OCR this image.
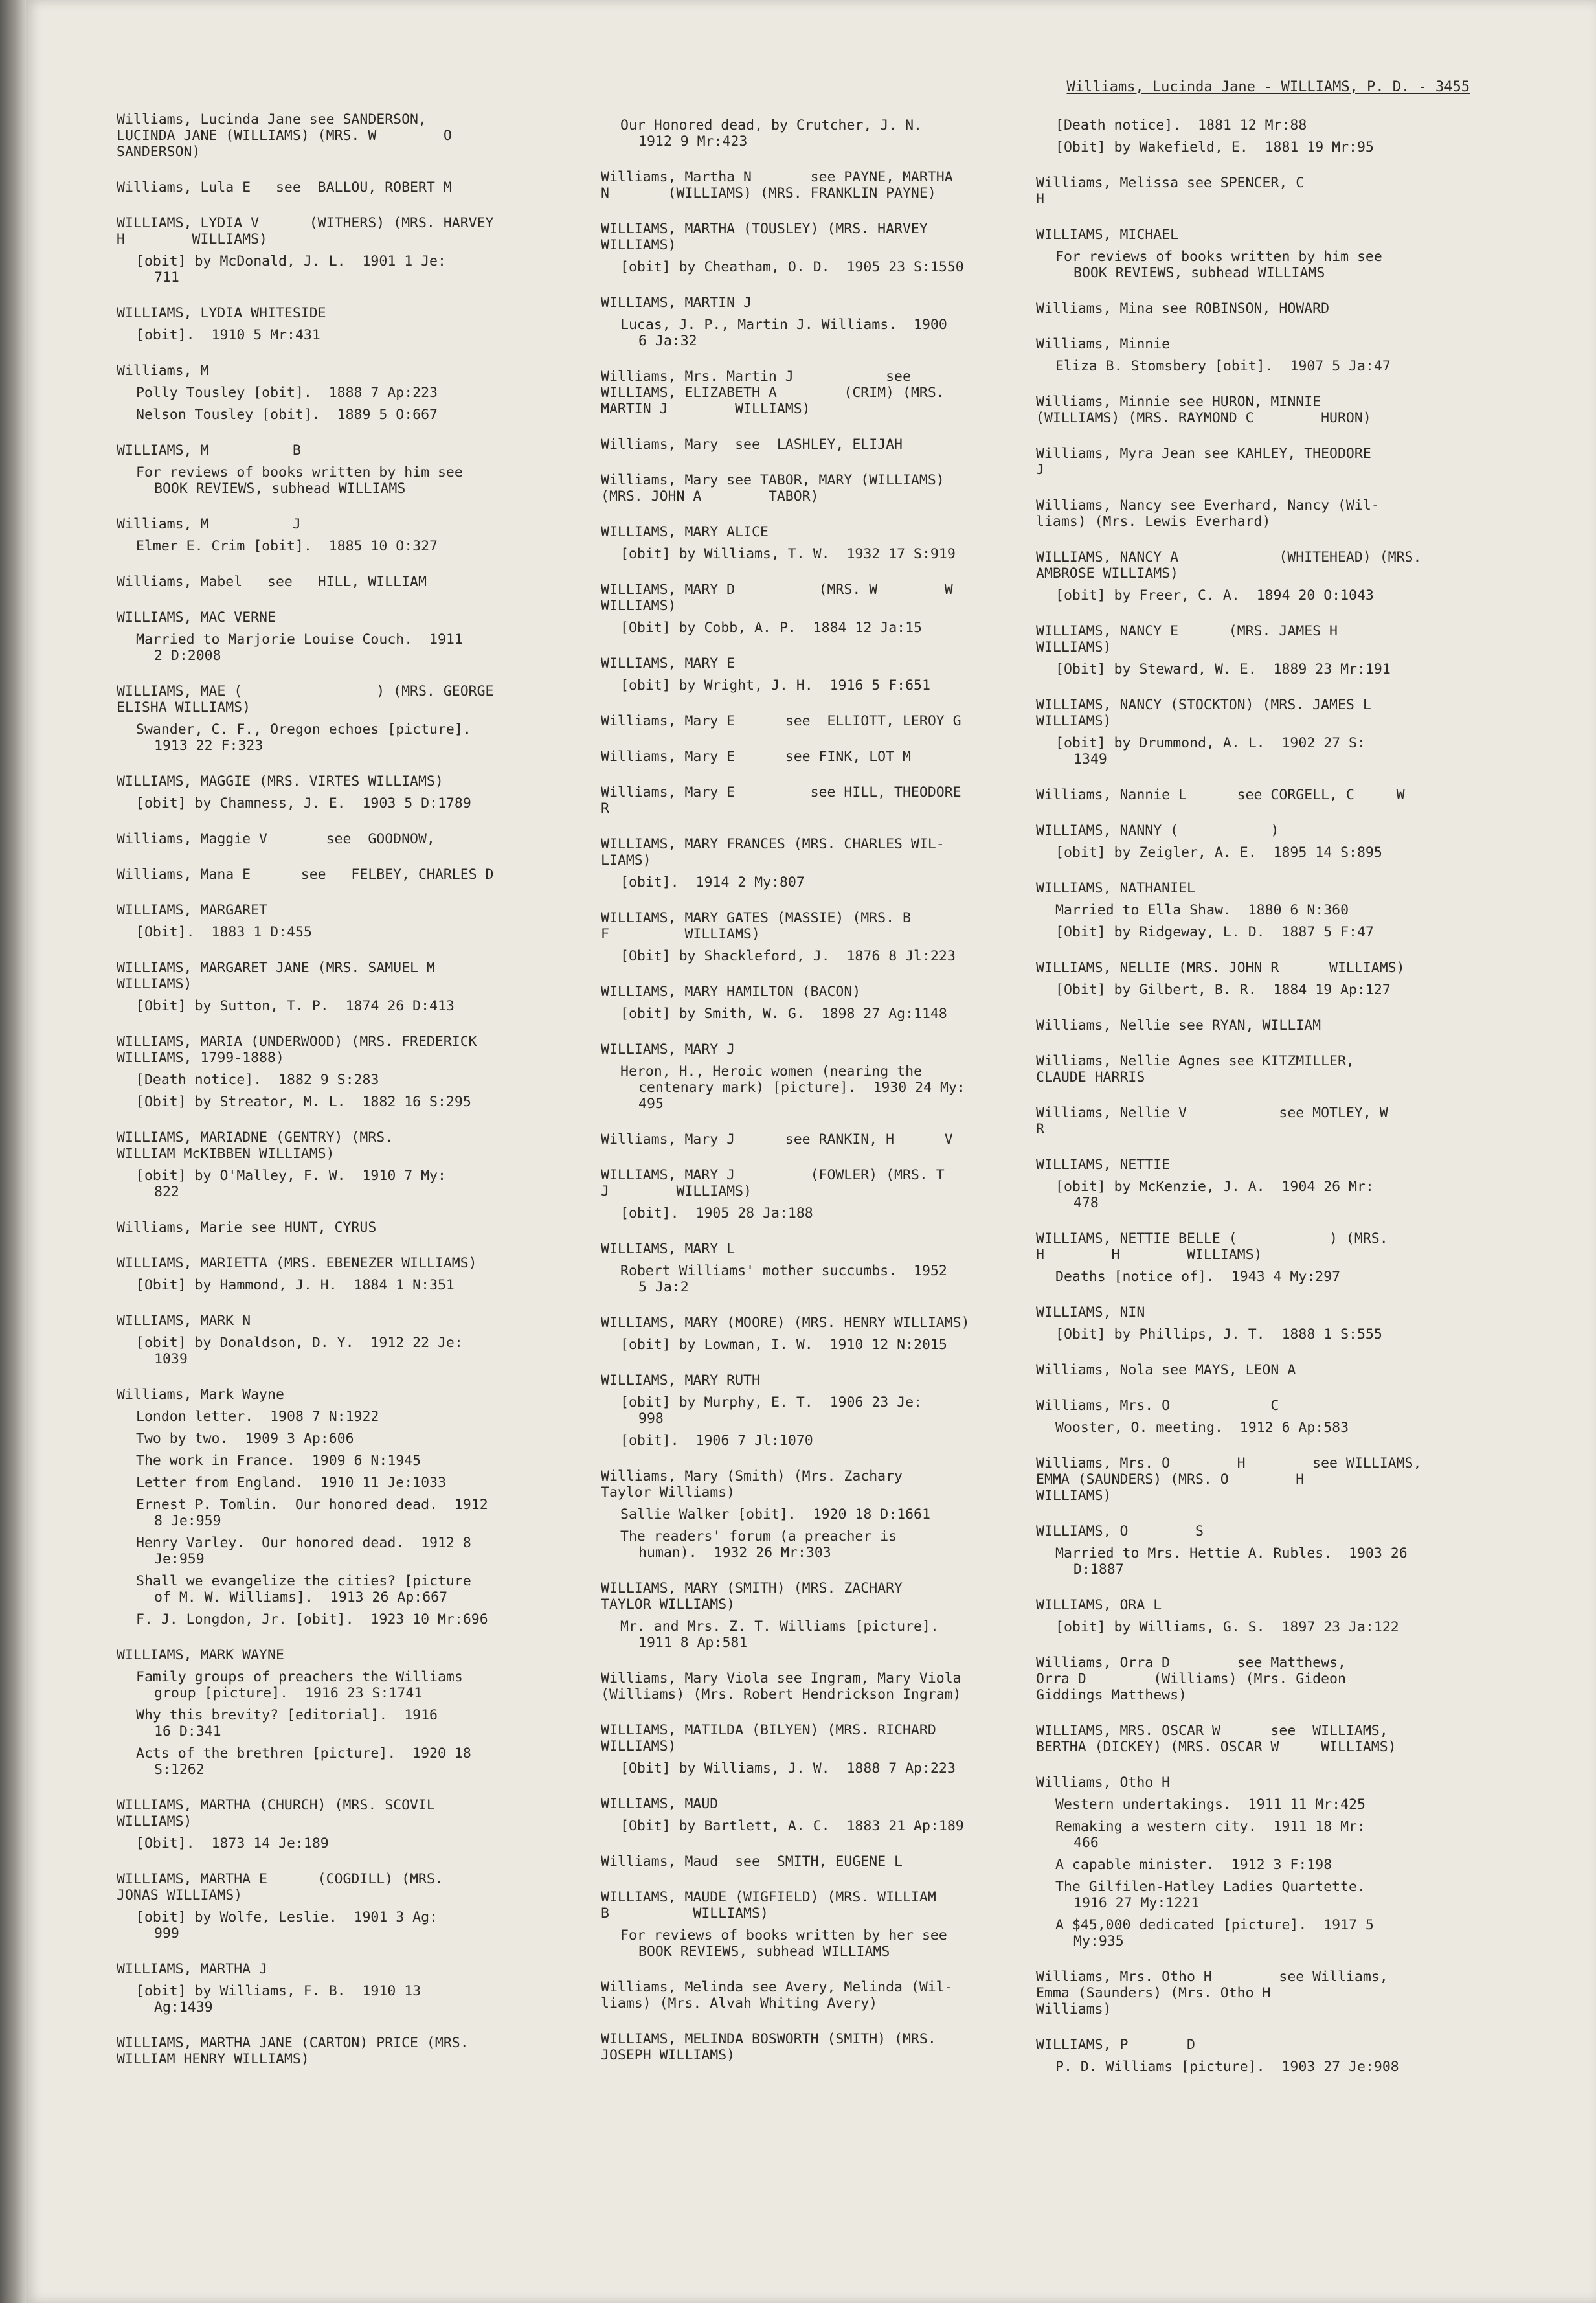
Williams, Lucinda Jane - WILLIAMS, P. D. - 3455
Williams, Lucinda Jane see SANDERSON,
LUCINDA JANE (WILLIAMS) (MRS. W        O
SANDERSON)
Williams, Lula E   see  BALLOU, ROBERT M
WILLIAMS, LYDIA V      (WITHERS) (MRS. HARVEY
H        WILLIAMS)
[obit] by McDonald, J. L.  1901 1 Je:
711
WILLIAMS, LYDIA WHITESIDE
[obit].  1910 5 Mr:431
Williams, M
Polly Tousley [obit].  1888 7 Ap:223
Nelson Tousley [obit].  1889 5 O:667
WILLIAMS, M          B
For reviews of books written by him see
BOOK REVIEWS, subhead WILLIAMS
Williams, M          J
Elmer E. Crim [obit].  1885 10 O:327
Williams, Mabel   see   HILL, WILLIAM
WILLIAMS, MAC VERNE
Married to Marjorie Louise Couch.  1911
2 D:2008
WILLIAMS, MAE (                ) (MRS. GEORGE
ELISHA WILLIAMS)
Swander, C. F., Oregon echoes [picture].
1913 22 F:323
WILLIAMS, MAGGIE (MRS. VIRTES WILLIAMS)
[obit] by Chamness, J. E.  1903 5 D:1789
Williams, Maggie V       see  GOODNOW,
Williams, Mana E      see   FELBEY, CHARLES D
WILLIAMS, MARGARET
[Obit].  1883 1 D:455
WILLIAMS, MARGARET JANE (MRS. SAMUEL M
WILLIAMS)
[Obit] by Sutton, T. P.  1874 26 D:413
WILLIAMS, MARIA (UNDERWOOD) (MRS. FREDERICK
WILLIAMS, 1799-1888)
[Death notice].  1882 9 S:283
[Obit] by Streator, M. L.  1882 16 S:295
WILLIAMS, MARIADNE (GENTRY) (MRS.
WILLIAM McKIBBEN WILLIAMS)
[obit] by O'Malley, F. W.  1910 7 My:
822
Williams, Marie see HUNT, CYRUS
WILLIAMS, MARIETTA (MRS. EBENEZER WILLIAMS)
[Obit] by Hammond, J. H.  1884 1 N:351
WILLIAMS, MARK N
[obit] by Donaldson, D. Y.  1912 22 Je:
1039
Williams, Mark Wayne
London letter.  1908 7 N:1922
Two by two.  1909 3 Ap:606
The work in France.  1909 6 N:1945
Letter from England.  1910 11 Je:1033
Ernest P. Tomlin.  Our honored dead.  1912
8 Je:959
Henry Varley.  Our honored dead.  1912 8
Je:959
Shall we evangelize the cities? [picture
of M. W. Williams].  1913 26 Ap:667
F. J. Longdon, Jr. [obit].  1923 10 Mr:696
WILLIAMS, MARK WAYNE
Family groups of preachers the Williams
group [picture].  1916 23 S:1741
Why this brevity? [editorial].  1916
16 D:341
Acts of the brethren [picture].  1920 18
S:1262
WILLIAMS, MARTHA (CHURCH) (MRS. SCOVIL
WILLIAMS)
[Obit].  1873 14 Je:189
WILLIAMS, MARTHA E      (COGDILL) (MRS.
JONAS WILLIAMS)
[obit] by Wolfe, Leslie.  1901 3 Ag:
999
WILLIAMS, MARTHA J
[obit] by Williams, F. B.  1910 13
Ag:1439
WILLIAMS, MARTHA JANE (CARTON) PRICE (MRS.
WILLIAM HENRY WILLIAMS)
Our Honored dead, by Crutcher, J. N.
1912 9 Mr:423
Williams, Martha N       see PAYNE, MARTHA
N       (WILLIAMS) (MRS. FRANKLIN PAYNE)
WILLIAMS, MARTHA (TOUSLEY) (MRS. HARVEY
WILLIAMS)
[obit] by Cheatham, O. D.  1905 23 S:1550
WILLIAMS, MARTIN J
Lucas, J. P., Martin J. Williams.  1900
6 Ja:32
Williams, Mrs. Martin J           see
WILLIAMS, ELIZABETH A        (CRIM) (MRS.
MARTIN J        WILLIAMS)
Williams, Mary  see  LASHLEY, ELIJAH
Williams, Mary see TABOR, MARY (WILLIAMS)
(MRS. JOHN A        TABOR)
WILLIAMS, MARY ALICE
[obit] by Williams, T. W.  1932 17 S:919
WILLIAMS, MARY D          (MRS. W        W
WILLIAMS)
[Obit] by Cobb, A. P.  1884 12 Ja:15
WILLIAMS, MARY E
[obit] by Wright, J. H.  1916 5 F:651
Williams, Mary E      see  ELLIOTT, LEROY G
Williams, Mary E      see FINK, LOT M
Williams, Mary E         see HILL, THEODORE
R
WILLIAMS, MARY FRANCES (MRS. CHARLES WIL-
LIAMS)
[obit].  1914 2 My:807
WILLIAMS, MARY GATES (MASSIE) (MRS. B
F         WILLIAMS)
[Obit] by Shackleford, J.  1876 8 Jl:223
WILLIAMS, MARY HAMILTON (BACON)
[obit] by Smith, W. G.  1898 27 Ag:1148
WILLIAMS, MARY J
Heron, H., Heroic women (nearing the
centenary mark) [picture].  1930 24 My:
495
Williams, Mary J      see RANKIN, H      V
WILLIAMS, MARY J         (FOWLER) (MRS. T
J        WILLIAMS)
[obit].  1905 28 Ja:188
WILLIAMS, MARY L
Robert Williams' mother succumbs.  1952
5 Ja:2
WILLIAMS, MARY (MOORE) (MRS. HENRY WILLIAMS)
[obit] by Lowman, I. W.  1910 12 N:2015
WILLIAMS, MARY RUTH
[obit] by Murphy, E. T.  1906 23 Je:
998
[obit].  1906 7 Jl:1070
Williams, Mary (Smith) (Mrs. Zachary
Taylor Williams)
Sallie Walker [obit].  1920 18 D:1661
The readers' forum (a preacher is
human).  1932 26 Mr:303
WILLIAMS, MARY (SMITH) (MRS. ZACHARY
TAYLOR WILLIAMS)
Mr. and Mrs. Z. T. Williams [picture].
1911 8 Ap:581
Williams, Mary Viola see Ingram, Mary Viola
(Williams) (Mrs. Robert Hendrickson Ingram)
WILLIAMS, MATILDA (BILYEN) (MRS. RICHARD
WILLIAMS)
[Obit] by Williams, J. W.  1888 7 Ap:223
WILLIAMS, MAUD
[Obit] by Bartlett, A. C.  1883 21 Ap:189
Williams, Maud  see  SMITH, EUGENE L
WILLIAMS, MAUDE (WIGFIELD) (MRS. WILLIAM
B          WILLIAMS)
For reviews of books written by her see
BOOK REVIEWS, subhead WILLIAMS
Williams, Melinda see Avery, Melinda (Wil-
liams) (Mrs. Alvah Whiting Avery)
WILLIAMS, MELINDA BOSWORTH (SMITH) (MRS.
JOSEPH WILLIAMS)
[Death notice].  1881 12 Mr:88
[Obit] by Wakefield, E.  1881 19 Mr:95
Williams, Melissa see SPENCER, C
H
WILLIAMS, MICHAEL
For reviews of books written by him see
BOOK REVIEWS, subhead WILLIAMS
Williams, Mina see ROBINSON, HOWARD
Williams, Minnie
Eliza B. Stomsbery [obit].  1907 5 Ja:47
Williams, Minnie see HURON, MINNIE
(WILLIAMS) (MRS. RAYMOND C        HURON)
Williams, Myra Jean see KAHLEY, THEODORE
J
Williams, Nancy see Everhard, Nancy (Wil-
liams) (Mrs. Lewis Everhard)
WILLIAMS, NANCY A            (WHITEHEAD) (MRS.
AMBROSE WILLIAMS)
[obit] by Freer, C. A.  1894 20 O:1043
WILLIAMS, NANCY E      (MRS. JAMES H
WILLIAMS)
[Obit] by Steward, W. E.  1889 23 Mr:191
WILLIAMS, NANCY (STOCKTON) (MRS. JAMES L
WILLIAMS)
[obit] by Drummond, A. L.  1902 27 S:
1349
Williams, Nannie L      see CORGELL, C     W
WILLIAMS, NANNY (           )
[obit] by Zeigler, A. E.  1895 14 S:895
WILLIAMS, NATHANIEL
Married to Ella Shaw.  1880 6 N:360
[Obit] by Ridgeway, L. D.  1887 5 F:47
WILLIAMS, NELLIE (MRS. JOHN R      WILLIAMS)
[Obit] by Gilbert, B. R.  1884 19 Ap:127
Williams, Nellie see RYAN, WILLIAM
Williams, Nellie Agnes see KITZMILLER,
CLAUDE HARRIS
Williams, Nellie V           see MOTLEY, W
R
WILLIAMS, NETTIE
[obit] by McKenzie, J. A.  1904 26 Mr:
478
WILLIAMS, NETTIE BELLE (           ) (MRS.
H        H        WILLIAMS)
Deaths [notice of].  1943 4 My:297
WILLIAMS, NIN
[Obit] by Phillips, J. T.  1888 1 S:555
Williams, Nola see MAYS, LEON A
Williams, Mrs. O            C
Wooster, O. meeting.  1912 6 Ap:583
Williams, Mrs. O        H        see WILLIAMS,
EMMA (SAUNDERS) (MRS. O        H
WILLIAMS)
WILLIAMS, O        S
Married to Mrs. Hettie A. Rubles.  1903 26
D:1887
WILLIAMS, ORA L
[obit] by Williams, G. S.  1897 23 Ja:122
Williams, Orra D        see Matthews,
Orra D        (Williams) (Mrs. Gideon
Giddings Matthews)
WILLIAMS, MRS. OSCAR W      see  WILLIAMS,
BERTHA (DICKEY) (MRS. OSCAR W     WILLIAMS)
Williams, Otho H
Western undertakings.  1911 11 Mr:425
Remaking a western city.  1911 18 Mr:
466
A capable minister.  1912 3 F:198
The Gilfilen-Hatley Ladies Quartette.
1916 27 My:1221
A $45,000 dedicated [picture].  1917 5
My:935
Williams, Mrs. Otho H        see Williams,
Emma (Saunders) (Mrs. Otho H
Williams)
WILLIAMS, P       D
P. D. Williams [picture].  1903 27 Je:908
